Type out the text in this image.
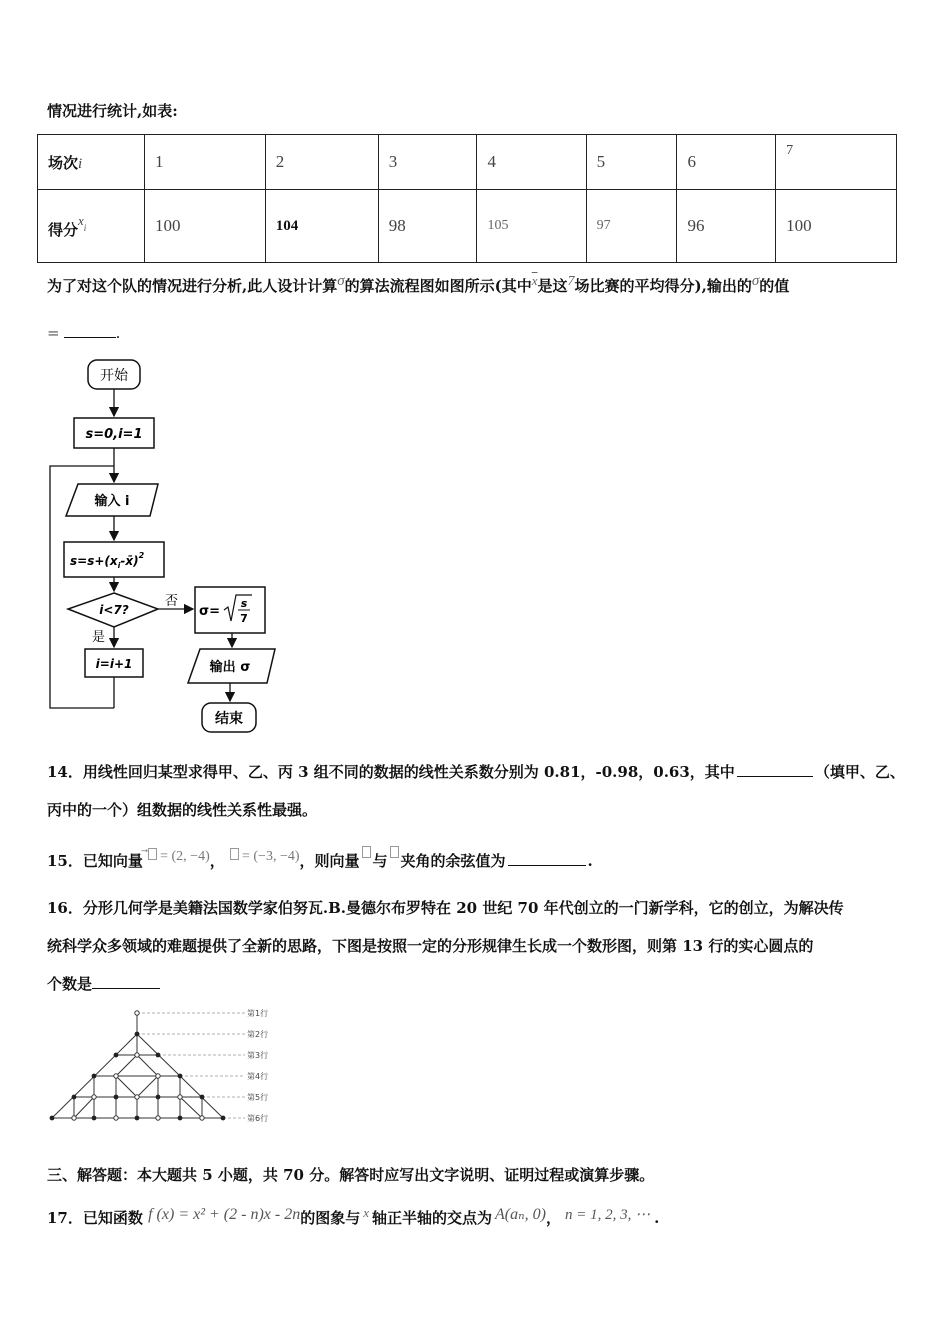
情况进行统计,如表:
场次i	1	2	3	4	5	6	7
得分$x^i$	100	104	98	105	97	96	100
为了对这个队的情况进行分析,此人设计计算σ的算法流程图如图所示(其中$\overline{x}$是这7场比赛的平均得分),输出的σ的值
=	.
开始
s=0,i=1
输入 i
$s=s+(x_i-x̄)^2$
i<7?
否
是
i=i+1
σ=
s
7
输出 σ
结束
14．用线性回归某型求得甲、乙、丙 3 组不同的数据的线性关系数分别为 0.81，-0.98，0.63，其中	（填甲、乙、
丙中的一个）组数据的线性关系性最强。
15．已知向量 = (2, −4)， = (−3, −4)，则向量 与 夹角的余弦值为	.
16．分形几何学是美籍法国数学家伯努瓦.B.曼德尔布罗特在 20 世纪 70 年代创立的一门新学科，它的创立，为解决传
统科学众多领域的难题提供了全新的思路，下图是按照一定的分形规律生长成一个数形图，则第 13 行的实心圆点的
个数是
第1行
第2行
第3行
第4行
第5行
第6行
三、解答题：本大题共 5 小题，共 70 分。解答时应写出文字说明、证明过程或演算步骤。
17．已知函数 f (x) = x² + (2 - n)x - 2n的图象与 x 轴正半轴的交点为 A(aₙ, 0)， n = 1, 2, 3, ⋯ .
